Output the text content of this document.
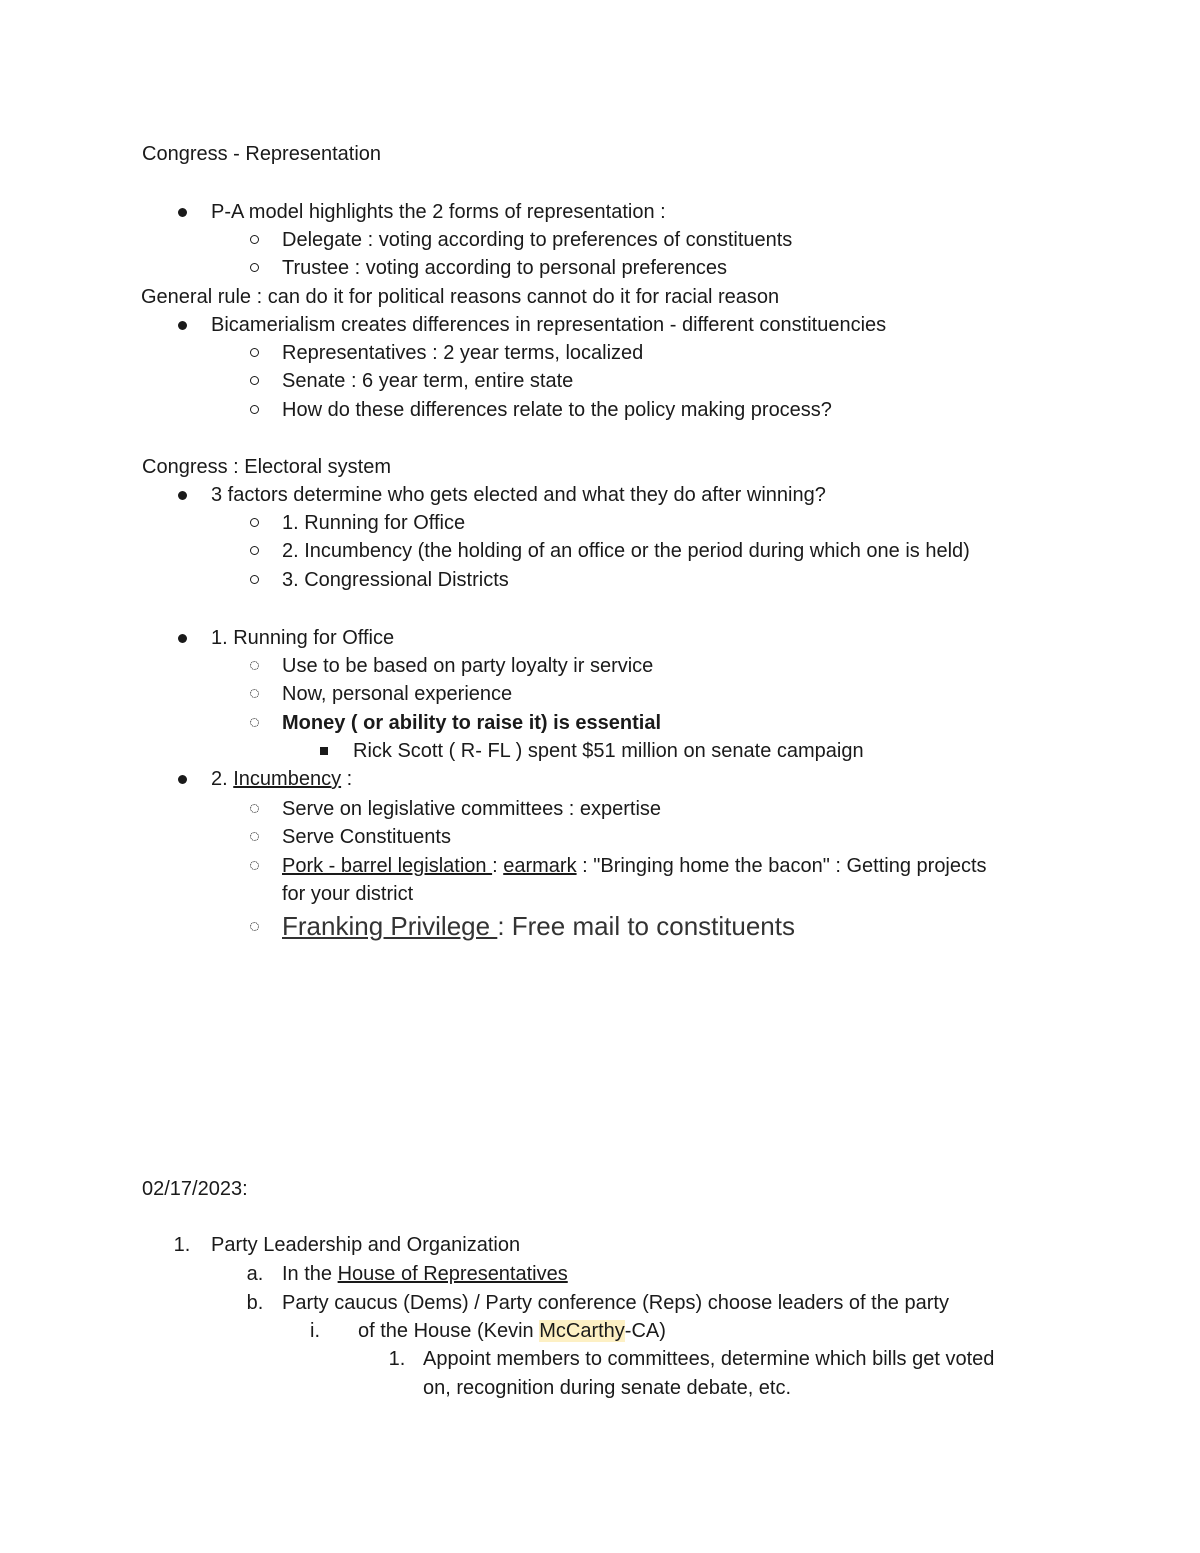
Congress - Representation
P-A model highlights the 2 forms of representation :
Delegate : voting according to preferences of constituents
Trustee : voting according to personal preferences
General rule : can do it for political reasons cannot do it for racial reason
Bicamerialism creates differences in representation - different constituencies
Representatives : 2 year terms, localized
Senate : 6 year term, entire state
How do these differences relate to the policy making process?
Congress : Electoral system
3 factors determine who gets elected and what they do after winning?
1. Running for Office
2. Incumbency (the holding of an office or the period during which one is held)
3. Congressional Districts
1. Running for Office
Use to be based on party loyalty ir service
Now, personal experience
Money ( or ability to raise it) is essential
Rick Scott ( R- FL ) spent $51 million on senate campaign
2. Incumbency :
Serve on legislative committees : expertise
Serve Constituents
Pork - barrel legislation : earmark : "Bringing home the bacon" : Getting projects
for your district
Franking Privilege : Free mail to constituents
02/17/2023:
1. Party Leadership and Organization
a. In the House of Representatives
b. Party caucus (Dems) / Party conference (Reps) choose leaders of the party
i. of the House (Kevin McCarthy-CA)
1. Appoint members to committees, determine which bills get voted
on, recognition during senate debate, etc.
